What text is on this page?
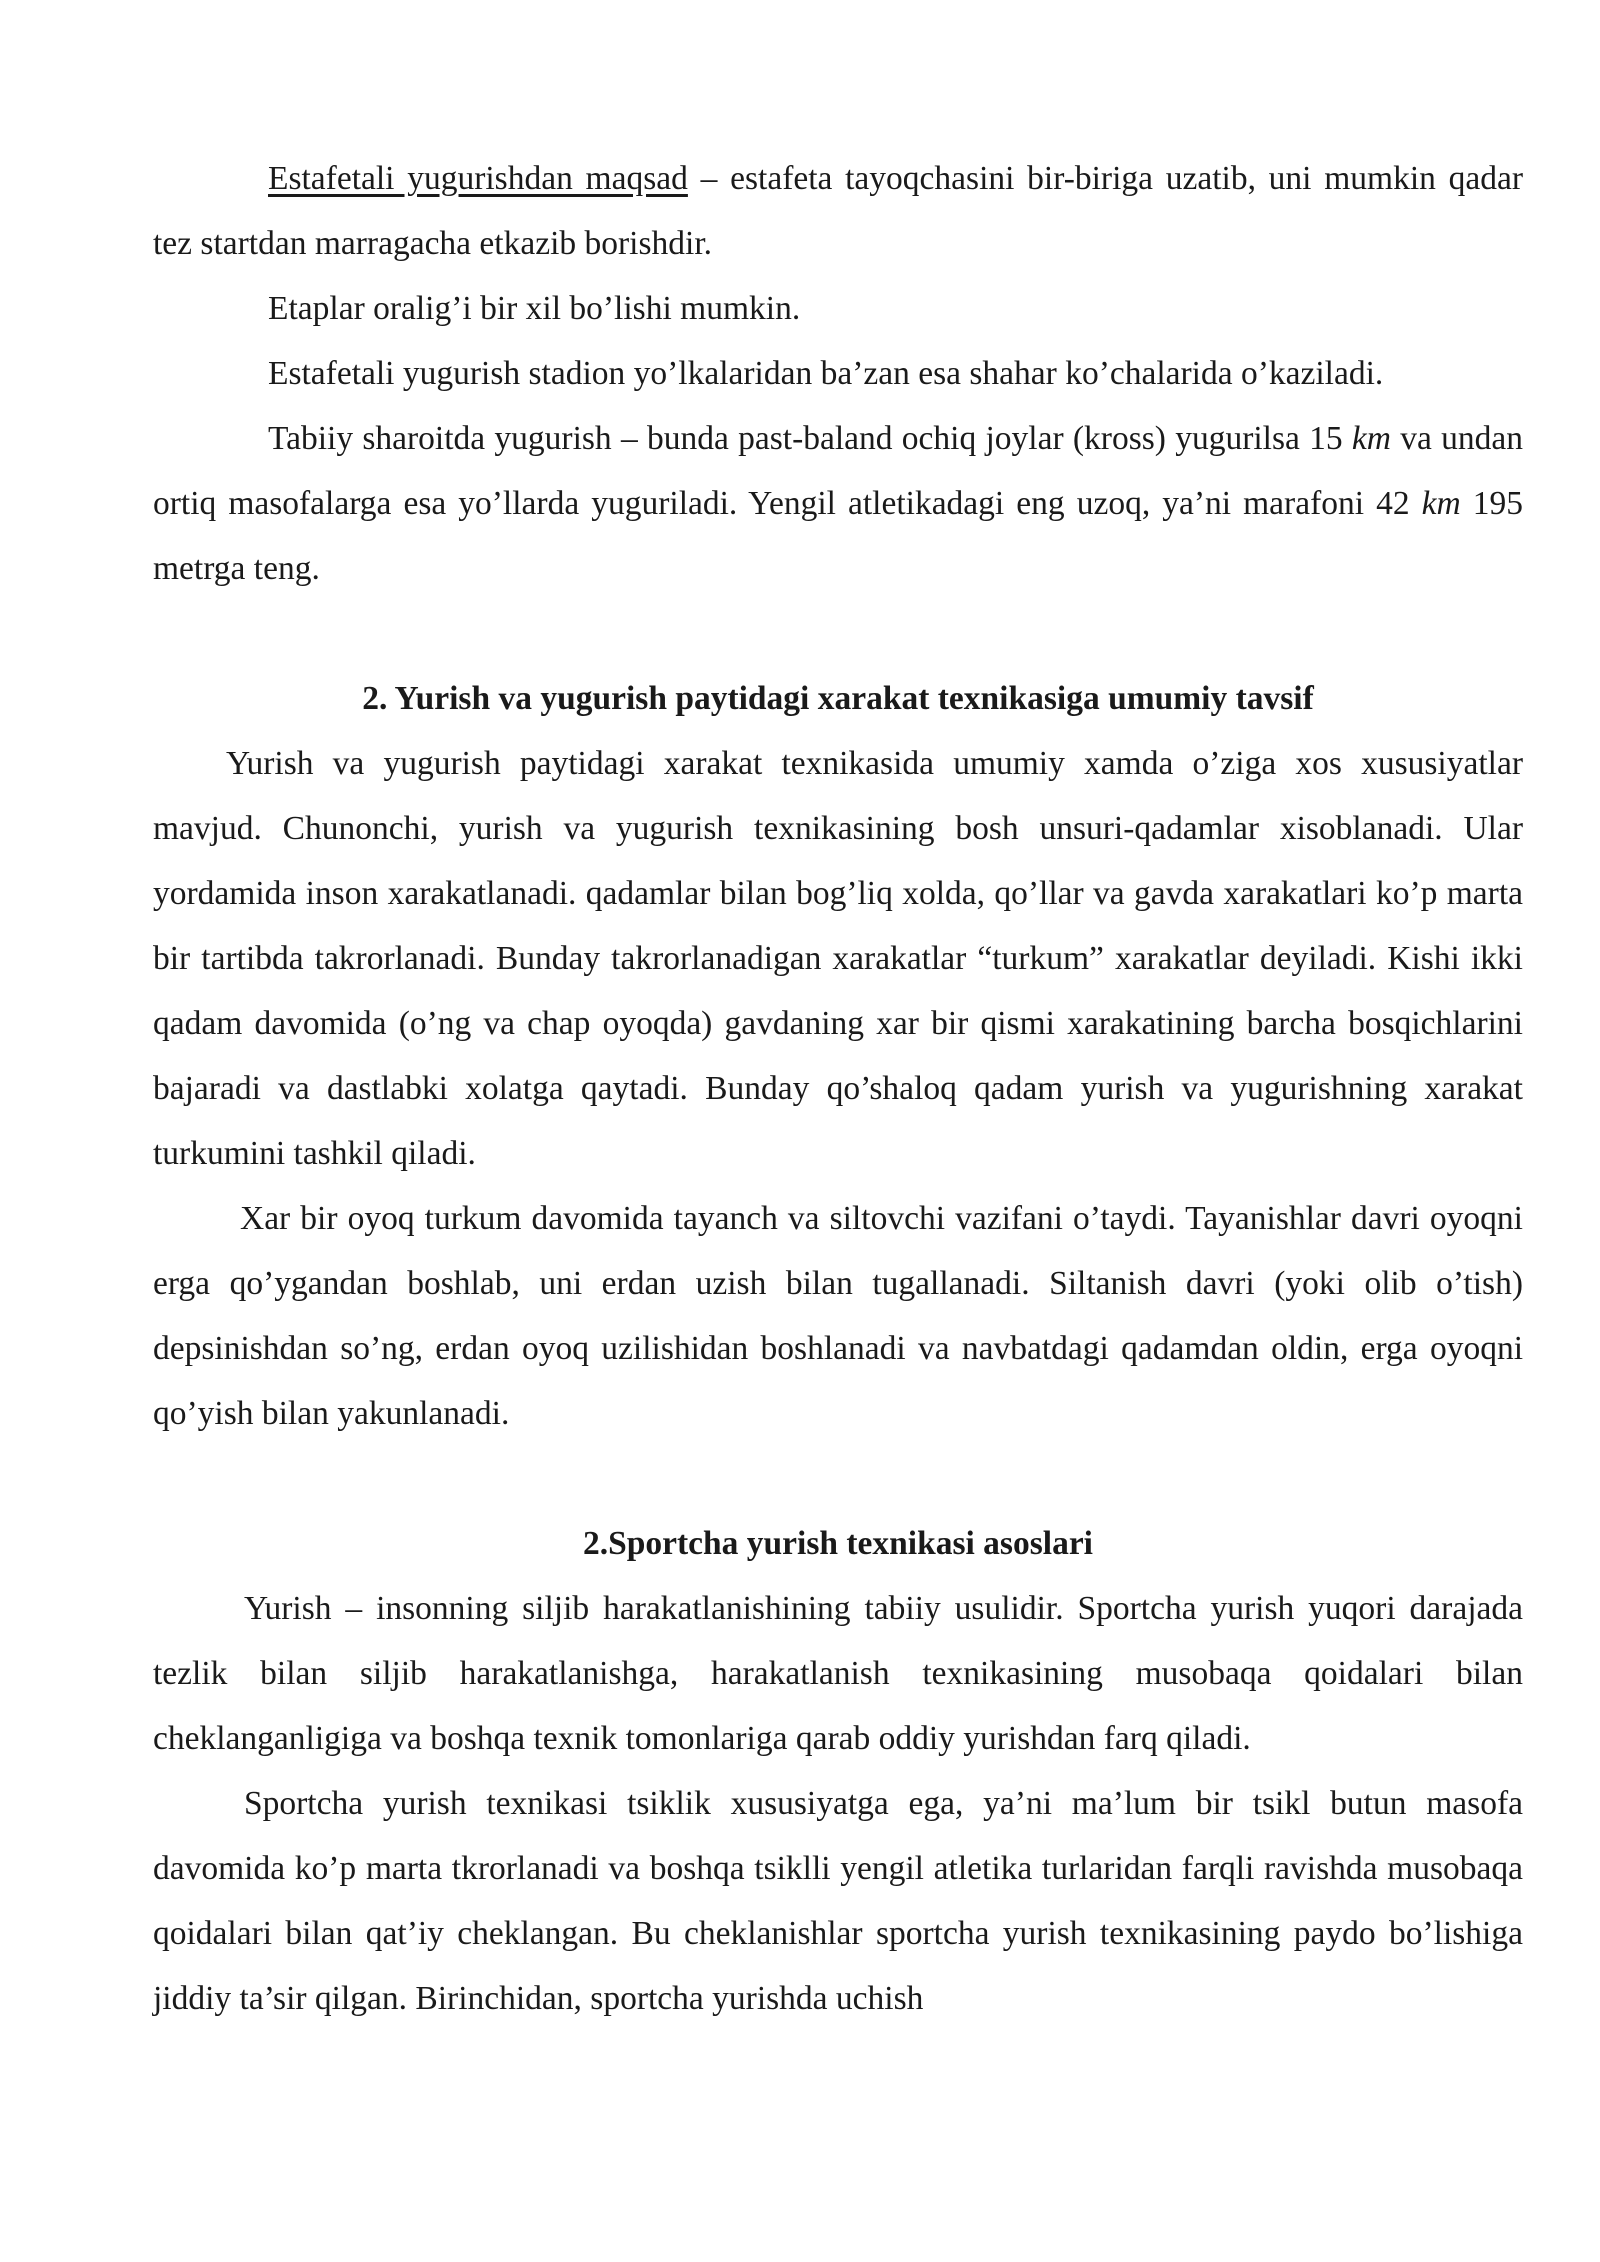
Estafetali yugurishdan maqsad – estafeta tayoqchasini bir-biriga uzatib, uni mumkin qadar tez startdan marragacha etkazib borishdir.

Etaplar oralig’i bir xil bo’lishi mumkin.

Estafetali yugurish stadion yo’lkalaridan ba’zan esa shahar ko’chalarida o’kaziladi.

Tabiiy sharoitda yugurish – bunda past-baland ochiq joylar (kross) yugurilsa 15 km va undan ortiq masofalarga esa yo’llarda yuguriladi. Yengil atletikadagi eng uzoq, ya’ni marafoni 42 km 195 metrga teng.

2. Yurish va yugurish paytidagi xarakat texnikasiga umumiy tavsif

Yurish va yugurish paytidagi xarakat texnikasida umumiy xamda o’ziga xos xususiyatlar mavjud. Chunonchi, yurish va yugurish texnikasining bosh unsuri-qadamlar xisoblanadi. Ular yordamida inson xarakatlanadi. qadamlar bilan bog’liq xolda, qo’llar va gavda xarakatlari ko’p marta bir tartibda takrorlanadi. Bunday takrorlanadigan xarakatlar “turkum” xarakatlar deyiladi. Kishi ikki qadam davomida (o’ng va chap oyoqda) gavdaning xar bir qismi xarakatining barcha bosqichlarini bajaradi va dastlabki xolatga qaytadi. Bunday qo’shaloq qadam yurish va yugurishning xarakat turkumini tashkil qiladi.

Xar bir oyoq turkum davomida tayanch va siltovchi vazifani o’taydi. Tayanishlar davri oyoqni erga qo’ygandan boshlab, uni erdan uzish bilan tugallanadi. Siltanish davri (yoki olib o’tish) depsinishdan so’ng, erdan oyoq uzilishidan boshlanadi va navbatdagi qadamdan oldin, erga oyoqni qo’yish bilan yakunlanadi.

2.Sportcha yurish texnikasi asoslari

Yurish – insonning siljib harakatlanishining tabiiy usulidir. Sportcha yurish yuqori darajada tezlik bilan siljib harakatlanishga, harakatlanish texnikasining musobaqa qoidalari bilan cheklanganligiga va boshqa texnik tomonlariga qarab oddiy yurishdan farq qiladi.

Sportcha yurish texnikasi tsiklik xususiyatga ega, ya’ni ma’lum bir tsikl butun masofa davomida ko’p marta tkrorlanadi va boshqa tsiklli yengil atletika turlaridan farqli ravishda musobaqa qoidalari bilan qat’iy cheklangan. Bu cheklanishlar sportcha yurish texnikasining paydo bo’lishiga jiddiy ta’sir qilgan. Birinchidan, sportcha yurishda uchish
